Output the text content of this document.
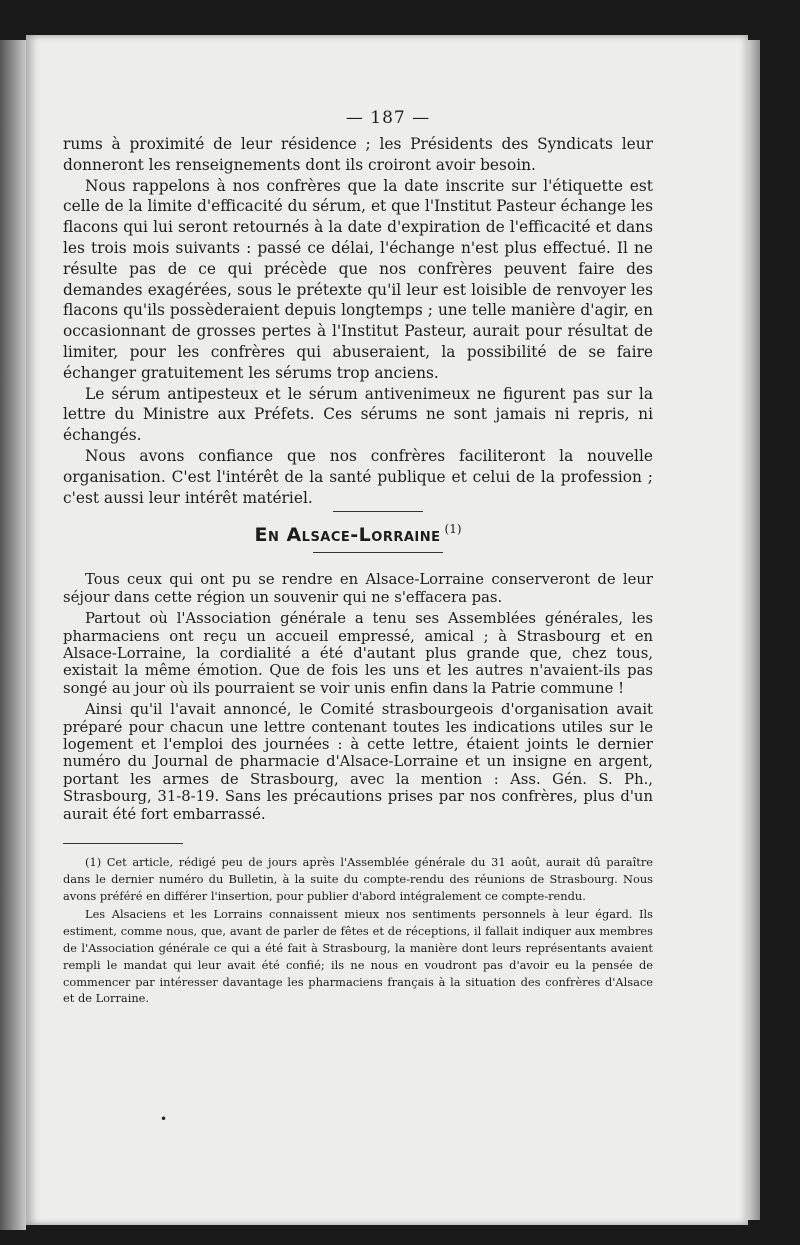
— 187 —

rums à proximité de leur résidence ; les Présidents des Syndicats leur donneront les renseignements dont ils croiront avoir besoin.

Nous rappelons à nos confrères que la date inscrite sur l'étiquette est celle de la limite d'efficacité du sérum, et que l'Institut Pasteur échange les flacons qui lui seront retournés à la date d'expiration de l'efficacité et dans les trois mois suivants : passé ce délai, l'échange n'est plus effectué. Il ne résulte pas de ce qui précède que nos confrères peuvent faire des demandes exagérées, sous le prétexte qu'il leur est loisible de renvoyer les flacons qu'ils possèderaient depuis longtemps ; une telle manière d'agir, en occasionnant de grosses pertes à l'Institut Pasteur, aurait pour résultat de limiter, pour les confrères qui abuseraient, la possibilité de se faire échanger gratuitement les sérums trop anciens.

Le sérum antipesteux et le sérum antivenimeux ne figurent pas sur la lettre du Ministre aux Préfets. Ces sérums ne sont jamais ni repris, ni échangés.

Nous avons confiance que nos confrères faciliteront la nouvelle organisation. C'est l'intérêt de la santé publique et celui de la profession ; c'est aussi leur intérêt matériel.

En Alsace-Lorraine $^{(1)}$

Tous ceux qui ont pu se rendre en Alsace-Lorraine conserveront de leur séjour dans cette région un souvenir qui ne s'effacera pas.

Partout où l'Association générale a tenu ses Assemblées générales, les pharmaciens ont reçu un accueil empressé, amical ; à Strasbourg et en Alsace-Lorraine, la cordialité a été d'autant plus grande que, chez tous, existait la même émotion. Que de fois les uns et les autres n'avaient-ils pas songé au jour où ils pourraient se voir unis enfin dans la Patrie commune !

Ainsi qu'il l'avait annoncé, le Comité strasbourgeois d'organisation avait préparé pour chacun une lettre contenant toutes les indications utiles sur le logement et l'emploi des journées : à cette lettre, étaient joints le dernier numéro du Journal de pharmacie d'Alsace-Lorraine et un insigne en argent, portant les armes de Strasbourg, avec la mention : Ass. Gén. S. Ph., Strasbourg, 31-8-19. Sans les précautions prises par nos confrères, plus d'un aurait été fort embarrassé.

(1) Cet article, rédigé peu de jours après l'Assemblée générale du 31 août, aurait dû paraître dans le dernier numéro du Bulletin, à la suite du compte-rendu des réunions de Strasbourg. Nous avons préféré en différer l'insertion, pour publier d'abord intégralement ce compte-rendu.

Les Alsaciens et les Lorrains connaissent mieux nos sentiments personnels à leur égard. Ils estiment, comme nous, que, avant de parler de fêtes et de réceptions, il fallait indiquer aux membres de l'Association générale ce qui a été fait à Strasbourg, la manière dont leurs représentants avaient rempli le mandat qui leur avait été confié; ils ne nous en voudront pas d'avoir eu la pensée de commencer par intéresser davantage les pharmaciens français à la situation des confrères d'Alsace et de Lorraine.

•
